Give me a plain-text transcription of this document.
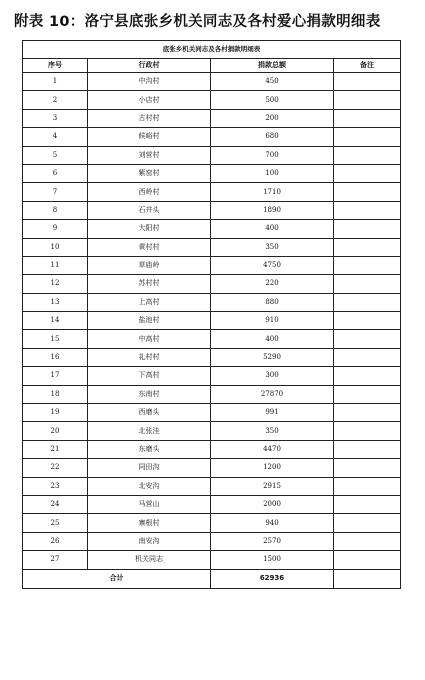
附表 10：洛宁县底张乡机关同志及各村爱心捐款明细表
底张乡机关同志及各村捐款明细表			
序号	行政村	捐款总额	备注
1	中沟村	450	
2	小店村	500	
3	古村村	200	
4	候峪村	680	
5	刘营村	700	
6	紫窑村	100	
7	西岭村	1710	
8	石井头	1890	
9	大阳村	400	
10	黄村村	350	
11	草庙岭	4750	
12	苏村村	220	
13	上高村	880	
14	盐池村	910	
15	中高村	400	
16	礼村村	5290	
17	下高村	300	
18	东南村	27870	
19	西磨头	991	
20	北张洼	350	
21	东磨头	4470	
22	同田沟	1200	
23	北安沟	2915	
24	马营山	2000	
25	寨根村	940	
26	南安沟	2570	
27	机关同志	1500	
合计		62936	
